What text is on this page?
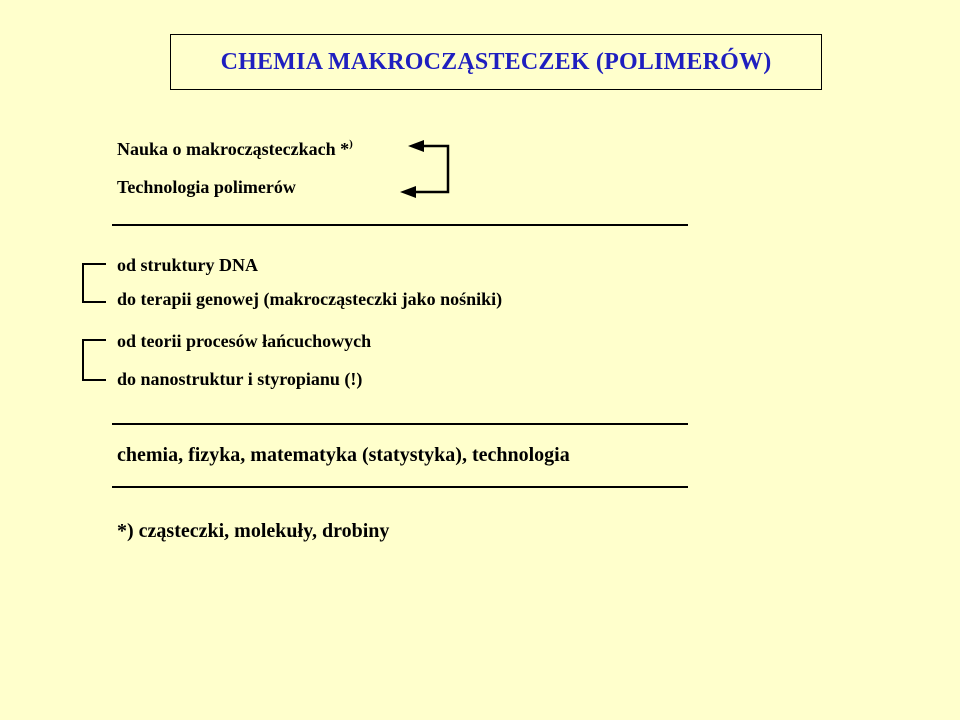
CHEMIA MAKROCZĄSTECZEK (POLIMERÓW)
Nauka o makrocząsteczkach *)
Technologia polimerów
od struktury DNA
do terapii genowej (makrocząsteczki jako nośniki)
od teorii procesów łańcuchowych
do nanostruktur i styropianu (!)
chemia, fizyka, matematyka (statystyka), technologia
*) cząsteczki, molekuły, drobiny
